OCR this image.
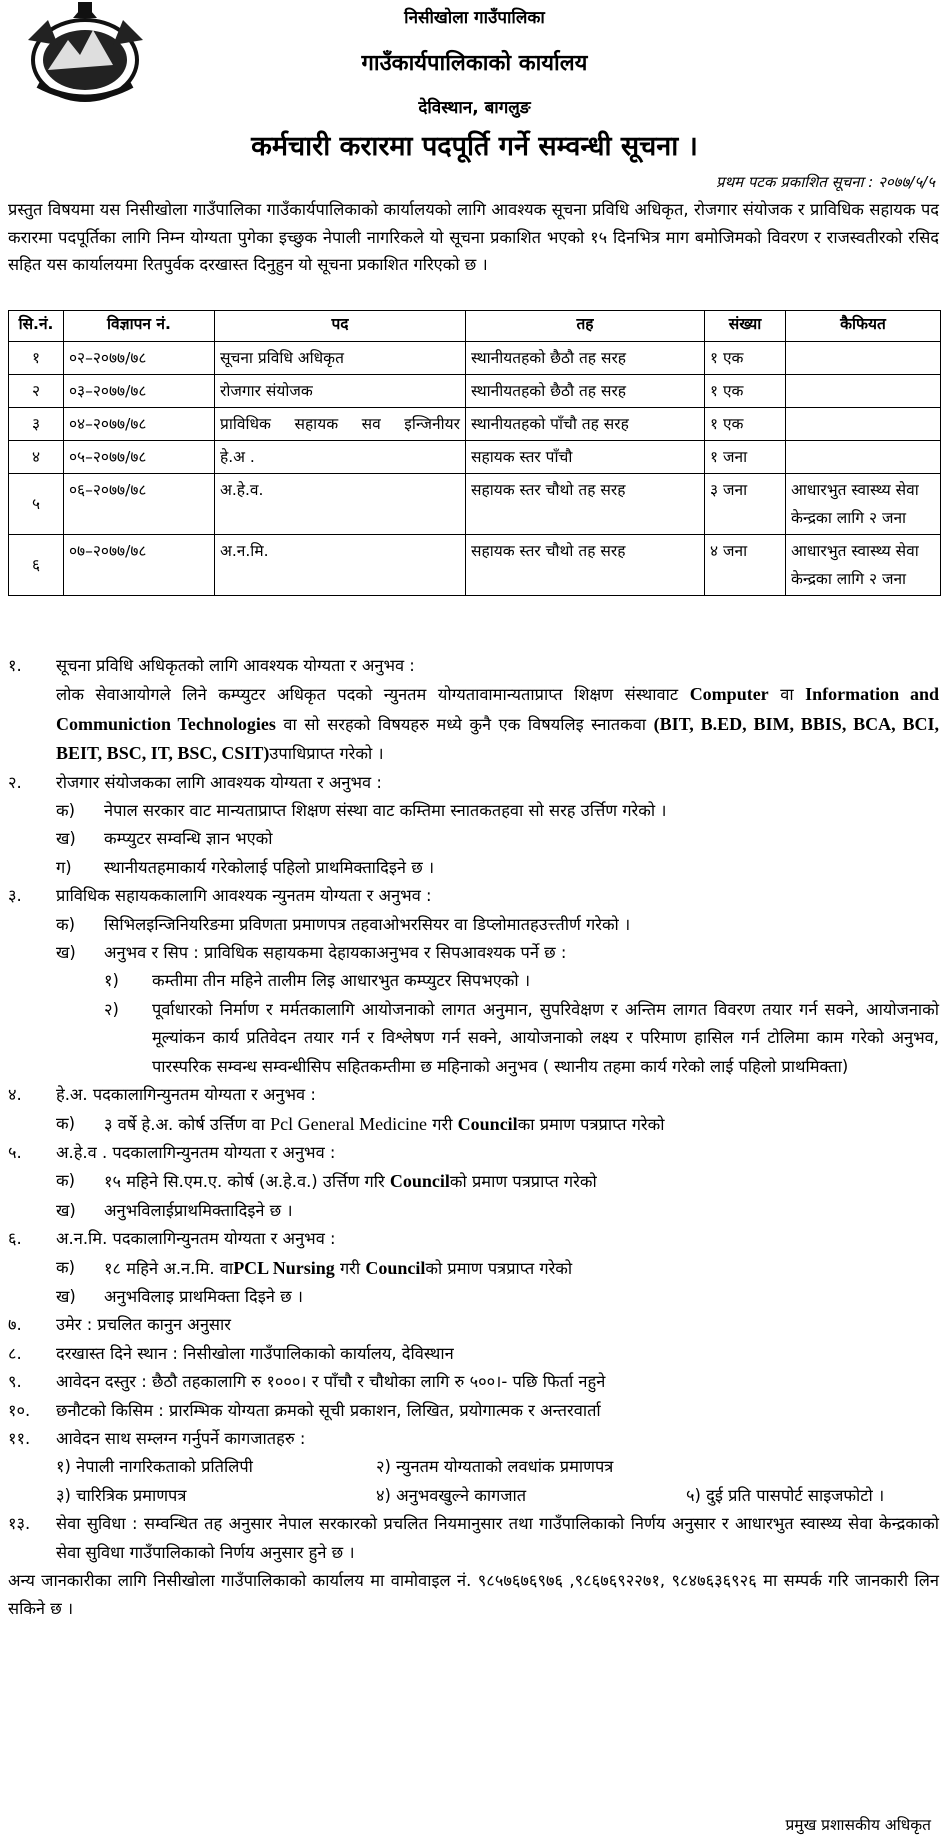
निसीखोला गाउँपालिका
गाउँकार्यपालिकाको कार्यालय
देविस्थान, बागलुङ
कर्मचारी करारमा पदपूर्ति गर्ने सम्वन्धी सूचना ।
प्रथम पटक प्रकाशित सूचना : २०७७/५/५
प्रस्तुत विषयमा यस निसीखोला गाउँपालिका गाउँकार्यपालिकाको कार्यालयको लागि आवश्यक सूचना प्रविधि अधिकृत, रोजगार संयोजक र प्राविधिक सहायक पद करारमा पदपूर्तिका लागि निम्न योग्यता पुगेका इच्छुक नेपाली नागरिकले यो सूचना प्रकाशित भएको १५ दिनभित्र माग बमोजिमको विवरण र राजस्वतीरको रसिद सहित यस कार्यालयमा रितपुर्वक दरखास्त दिनुहुन यो सूचना प्रकाशित गरिएको छ ।
सि.नं.	विज्ञापन नं.	पद	तह	संख्या	कैफियत
१	०२–२०७७/७८	सूचना प्रविधि अधिकृत	स्थानीयतहको छैठौ तह सरह	१ एक	
२	०३–२०७७/७८	रोजगार संयोजक	स्थानीयतहको छैठौ तह सरह	१ एक	
३	०४–२०७७/७८	प्राविधिक सहायक सव इन्जिनीयर	स्थानीयतहको पाँचौ तह सरह	१ एक	
४	०५–२०७७/७८	हे.अ .	सहायक स्तर पाँचौ	१ जना	
५	०६–२०७७/७८	अ.हे.व.	सहायक स्तर चौथो तह सरह	३ जना	आधारभुत स्वास्थ्य सेवा केन्द्रका लागि २ जना
६	०७–२०७७/७८	अ.न.मि.	सहायक स्तर चौथो तह सरह	४ जना	आधारभुत स्वास्थ्य सेवा केन्द्रका लागि २ जना
१.	सूचना प्रविधि अधिकृतको लागि आवश्यक योग्यता र अनुभव :
लोक सेवाआयोगले लिने कम्प्युटर अधिकृत पदको न्युनतम योग्यतावामान्यताप्राप्त शिक्षण संस्थावाट Computer वा Information and Communiction Technologies वा सो सरहको विषयहरु मध्ये कुनै एक विषयलिइ स्नातकवा (BIT, B.ED, BIM, BBIS, BCA, BCI, BEIT, BSC, IT, BSC, CSIT)उपाधिप्राप्त गरेको ।
२.	रोजगार संयोजकका लागि आवश्यक योग्यता र अनुभव :
क)	नेपाल सरकार वाट मान्यताप्राप्त शिक्षण संस्था वाट कम्तिमा स्नातकतहवा सो सरह उर्त्तिण गरेको ।
ख)	कम्प्युटर सम्वन्धि ज्ञान भएको
ग)	स्थानीयतहमाकार्य गरेकोलाई पहिलो प्राथमिक्तादिइने छ ।
३.	प्राविधिक सहायककालागि आवश्यक न्युनतम योग्यता र अनुभव :
क)	सिभिलइन्जिनियरिङमा प्रविणता प्रमाणपत्र तहवाओभरसियर वा डिप्लोमातहउत्त्तीर्ण गरेको ।
ख)	अनुभव र सिप : प्राविधिक सहायकमा देहायकाअनुभव र सिपआवश्यक पर्ने छ :
१)	कम्तीमा तीन महिने तालीम लिइ आधारभुत कम्प्युटर सिपभएको ।
२)	पूर्वाधारको निर्माण र मर्मतकालागि आयोजनाको लागत अनुमान, सुपरिवेक्षण र अन्तिम लागत विवरण तयार गर्न सक्ने, आयोजनाको मूल्यांकन कार्य प्रतिवेदन तयार गर्न र विश्लेषण गर्न सक्ने, आयोजनाको लक्ष्य र परिमाण हासिल गर्न टोलिमा काम गरेको अनुभव, पारस्परिक सम्वन्ध सम्वन्धीसिप सहितकम्तीमा छ महिनाको अनुभव ( स्थानीय तहमा कार्य गरेको लाई पहिलो प्राथमिक्ता)
४.	हे.अ. पदकालागिन्युनतम योग्यता र अनुभव :
क)	३ वर्षे हे.अ. कोर्ष उर्त्तिण वा Pcl General Medicine गरी Councilका प्रमाण पत्रप्राप्त गरेको
५.	अ.हे.व . पदकालागिन्युनतम योग्यता र अनुभव :
क)	१५ महिने सि.एम.ए. कोर्ष (अ.हे.व.) उर्त्तिण गरि Councilको प्रमाण पत्रप्राप्त गरेको
ख)	अनुभविलाईप्राथमिक्तादिइने छ ।
६.	अ.न.मि. पदकालागिन्युनतम योग्यता र अनुभव :
क)	१८ महिने अ.न.मि. वाPCL Nursing गरी Councilको प्रमाण पत्रप्राप्त गरेको
ख)	अनुभविलाइ प्राथमिक्ता दिइने छ ।
७.	उमेर : प्रचलित कानुन अनुसार
८.	दरखास्त दिने स्थान : निसीखोला गाउँपालिकाको कार्यालय, देविस्थान
९.	आवेदन दस्तुर : छैठौ तहकालागि रु १०००। र पाँचौ र चौथोका लागि रु ५००।- पछि फिर्ता नहुने
१०.	छनौटको किसिम : प्रारम्भिक योग्यता क्रमको सूची प्रकाशन, लिखित, प्रयोगात्मक र अन्तरवार्ता
११.	आवेदन साथ सम्लग्न गर्नुपर्ने कागजातहरु :
१) नेपाली नागरिकताको प्रतिलिपी	२) न्युनतम योग्यताको लवधांक प्रमाणपत्र
३) चारित्रिक प्रमाणपत्र	४) अनुभवखुल्ने कागजात	५) दुई प्रति पासपोर्ट साइजफोटो ।
१३.	सेवा सुविधा : सम्वन्धित तह अनुसार नेपाल सरकारको प्रचलित नियमानुसार तथा गाउँपालिकाको निर्णय अनुसार र आधारभुत स्वास्थ्य सेवा केन्द्रकाको सेवा सुविधा गाउँपालिकाको निर्णय अनुसार हुने छ ।
अन्य जानकारीका लागि निसीखोला गाउँपालिकाको कार्यालय मा वामोवाइल नं. ९८५७६७६९७६ ,९८६७६९२२७१, ९८४७६३६९२६ मा सम्पर्क गरि जानकारी लिन सकिने छ ।
प्रमुख प्रशासकीय अधिकृत
